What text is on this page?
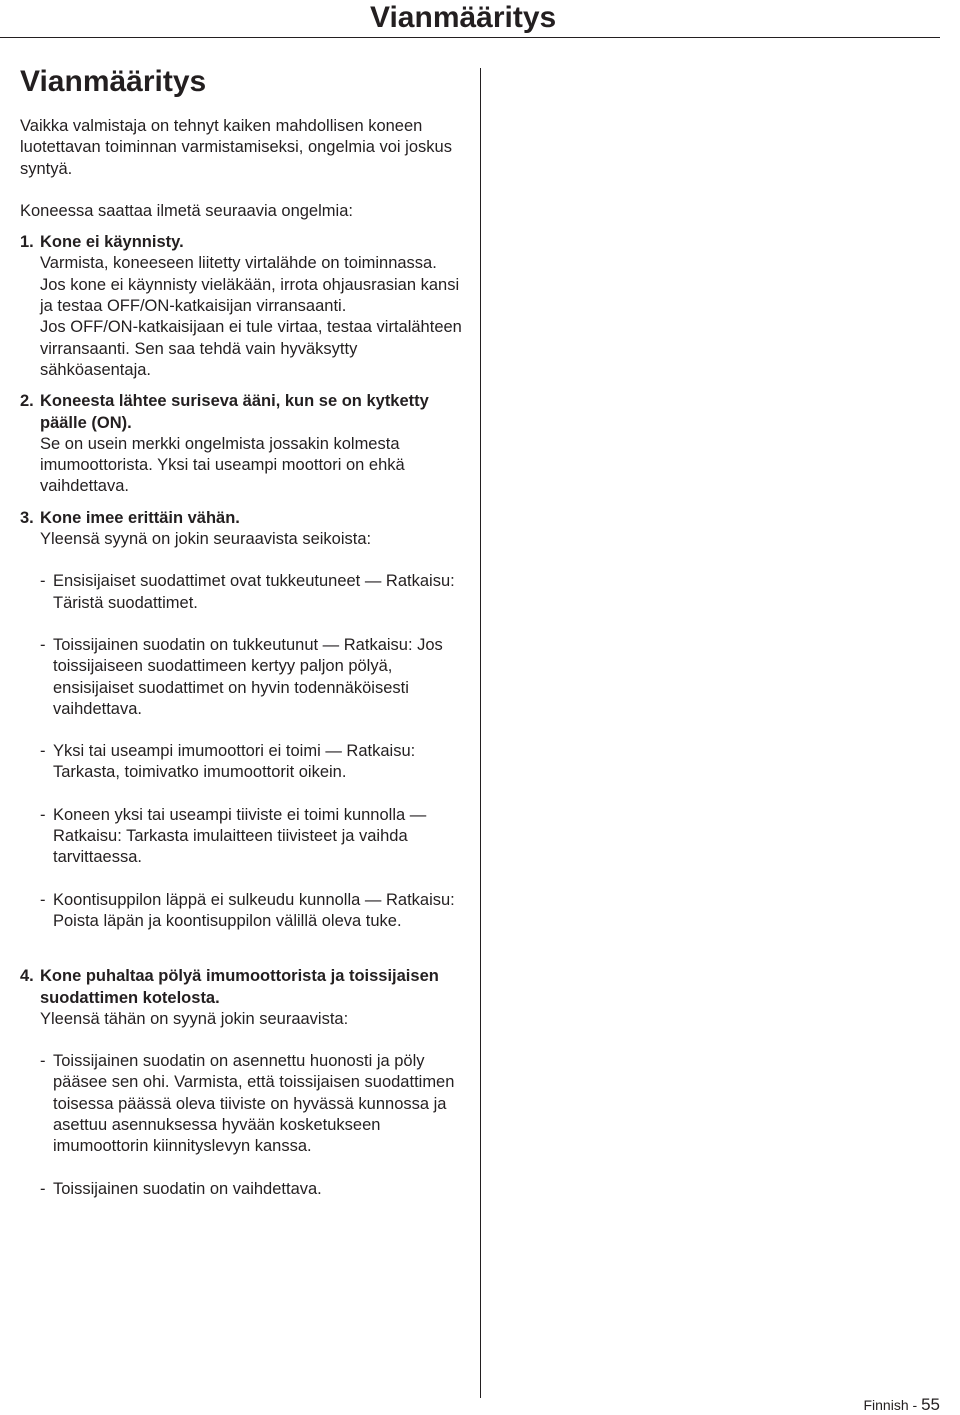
Vianmääritys
Vianmääritys

Vaikka valmistaja on tehnyt kaiken mahdollisen koneen luotettavan toiminnan varmistamiseksi, ongelmia voi joskus syntyä.

Koneessa saattaa ilmetä seuraavia ongelmia:

1. Kone ei käynnisty.

Varmista, koneeseen liitetty virtalähde on toiminnassa. Jos kone ei käynnisty vieläkään, irrota ohjausrasian kansi ja testaa OFF/ON-katkaisijan virransaanti.

Jos OFF/ON-katkaisijaan ei tule virtaa, testaa virtalähteen virransaanti. Sen saa tehdä vain hyväksytty sähköasentaja.

2. Koneesta lähtee suriseva ääni, kun se on kytketty päälle (ON).

Se on usein merkki ongelmista jossakin kolmesta imumoottorista. Yksi tai useampi moottori on ehkä vaihdettava.

3. Kone imee erittäin vähän.

Yleensä syynä on jokin seuraavista seikoista:

- Ensisijaiset suodattimet ovat tukkeutuneet — Ratkaisu: Täristä suodattimet.
- Toissijainen suodatin on tukkeutunut — Ratkaisu: Jos toissijaiseen suodattimeen kertyy paljon pölyä, ensisijaiset suodattimet on hyvin todennäköisesti vaihdettava.
- Yksi tai useampi imumoottori ei toimi — Ratkaisu: Tarkasta, toimivatko imumoottorit oikein.
- Koneen yksi tai useampi tiiviste ei toimi kunnolla — Ratkaisu: Tarkasta imulaitteen tiivisteet ja vaihda tarvittaessa.
- Koontisuppilon läppä ei sulkeudu kunnolla — Ratkaisu: Poista läpän ja koontisuppilon välillä oleva tuke.
4. Kone puhaltaa pölyä imumoottorista ja toissijaisen suodattimen kotelosta.

Yleensä tähän on syynä jokin seuraavista:

- Toissijainen suodatin on asennettu huonosti ja pöly pääsee sen ohi. Varmista, että toissijaisen suodattimen toisessa päässä oleva tiiviste on hyvässä kunnossa ja asettuu asennuksessa hyvään kosketukseen imumoottorin kiinnityslevyn kanssa.
- Toissijainen suodatin on vaihdettava.
Finnish - 55
